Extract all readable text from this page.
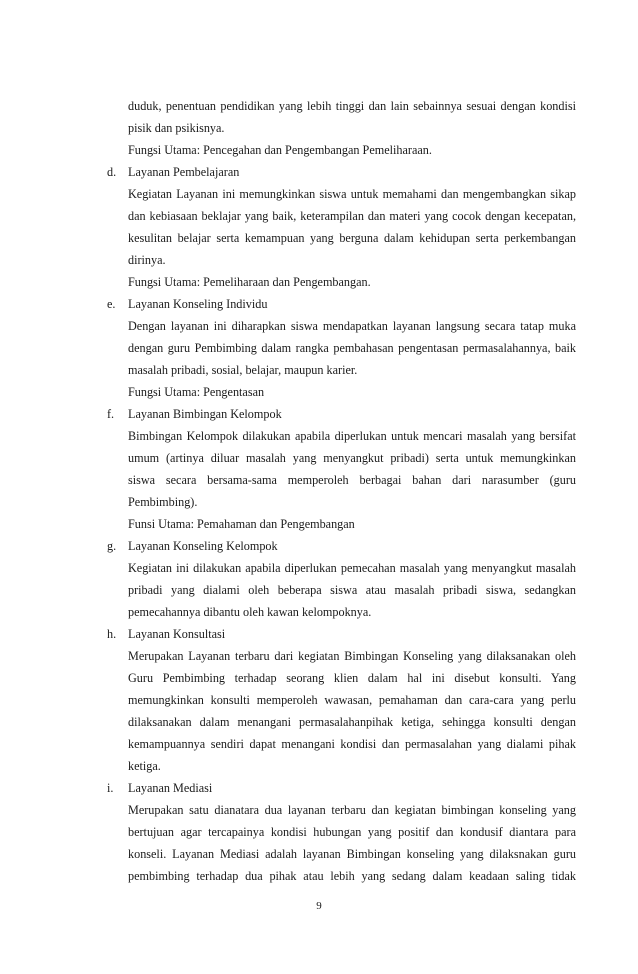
duduk, penentuan pendidikan yang lebih tinggi dan lain sebainnya sesuai dengan kondisi
pisik dan psikisnya.
Fungsi Utama: Pencegahan dan Pengembangan Pemeliharaan.
d. Layanan Pembelajaran
Kegiatan Layanan ini memungkinkan siswa untuk memahami dan mengembangkan sikap
dan kebiasaan beklajar yang baik, keterampilan dan materi yang cocok dengan kecepatan,
kesulitan belajar serta kemampuan yang berguna dalam kehidupan serta perkembangan
dirinya.
Fungsi Utama: Pemeliharaan dan Pengembangan.
e.	Layanan Konseling Individu
Dengan layanan ini diharapkan siswa mendapatkan layanan langsung secara tatap muka
dengan guru Pembimbing dalam rangka pembahasan pengentasan permasalahannya, baik
masalah pribadi, sosial, belajar, maupun karier.
Fungsi Utama: Pengentasan
f.	Layanan Bimbingan Kelompok
Bimbingan Kelompok dilakukan apabila diperlukan untuk mencari masalah yang bersifat
umum (artinya diluar masalah yang menyangkut pribadi) serta untuk memungkinkan
siswa secara bersama-sama memperoleh berbagai bahan dari narasumber (guru
Pembimbing).
Funsi Utama: Pemahaman dan Pengembangan
g. Layanan Konseling Kelompok
Kegiatan ini dilakukan apabila diperlukan pemecahan masalah yang menyangkut masalah
pribadi yang dialami oleh beberapa siswa atau masalah pribadi siswa, sedangkan
pemecahannya dibantu oleh kawan kelompoknya.
h. Layanan Konsultasi
Merupakan Layanan terbaru dari kegiatan Bimbingan Konseling yang dilaksanakan oleh
Guru Pembimbing terhadap seorang klien dalam hal ini disebut konsulti. Yang
memungkinkan konsulti memperoleh wawasan, pemahaman dan cara-cara yang perlu
dilaksanakan dalam menangani permasalahanpihak ketiga, sehingga konsulti dengan
kemampuannya sendiri dapat menangani kondisi dan permasalahan yang dialami pihak
ketiga.
i.	Layanan Mediasi
Merupakan satu dianatara dua layanan terbaru dan kegiatan bimbingan konseling yang
bertujuan agar tercapainya kondisi hubungan yang positif dan kondusif diantara para
konseli. Layanan Mediasi adalah layanan Bimbingan konseling yang dilaksnakan guru
pembimbing terhadap dua pihak atau lebih yang sedang dalam keadaan saling tidak
9
